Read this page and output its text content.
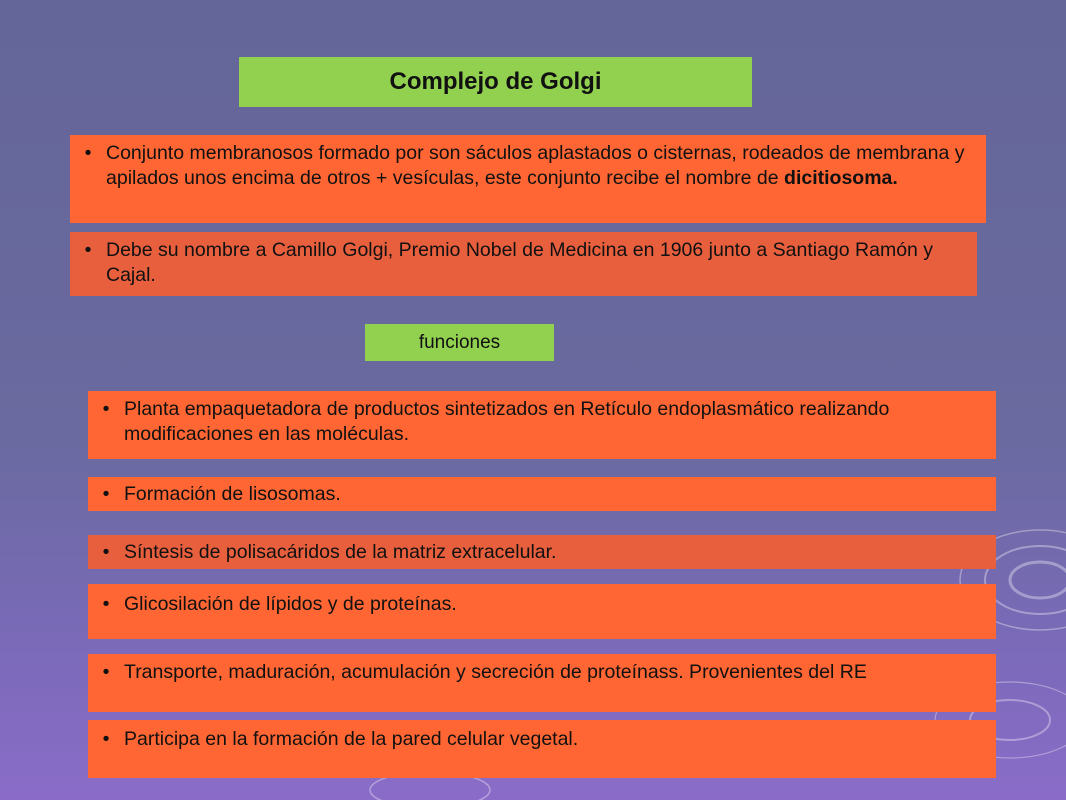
Complejo de Golgi
• Conjunto membranosos formado por son sáculos aplastados o cisternas, rodeados de membrana y apilados unos encima de otros + vesículas, este conjunto recibe el nombre de dicitiosoma.
• Debe su nombre a Camillo Golgi, Premio Nobel de Medicina en 1906 junto a Santiago Ramón y Cajal.
funciones
• Planta empaquetadora de productos sintetizados en Retículo endoplasmático realizando modificaciones en las moléculas.
• Formación de lisosomas.
• Síntesis de polisacáridos de la matriz extracelular.
• Glicosilación de lípidos y de proteínas.
• Transporte, maduración, acumulación y secreción de proteínass. Provenientes del RE
• Participa en la formación de la pared celular vegetal.
